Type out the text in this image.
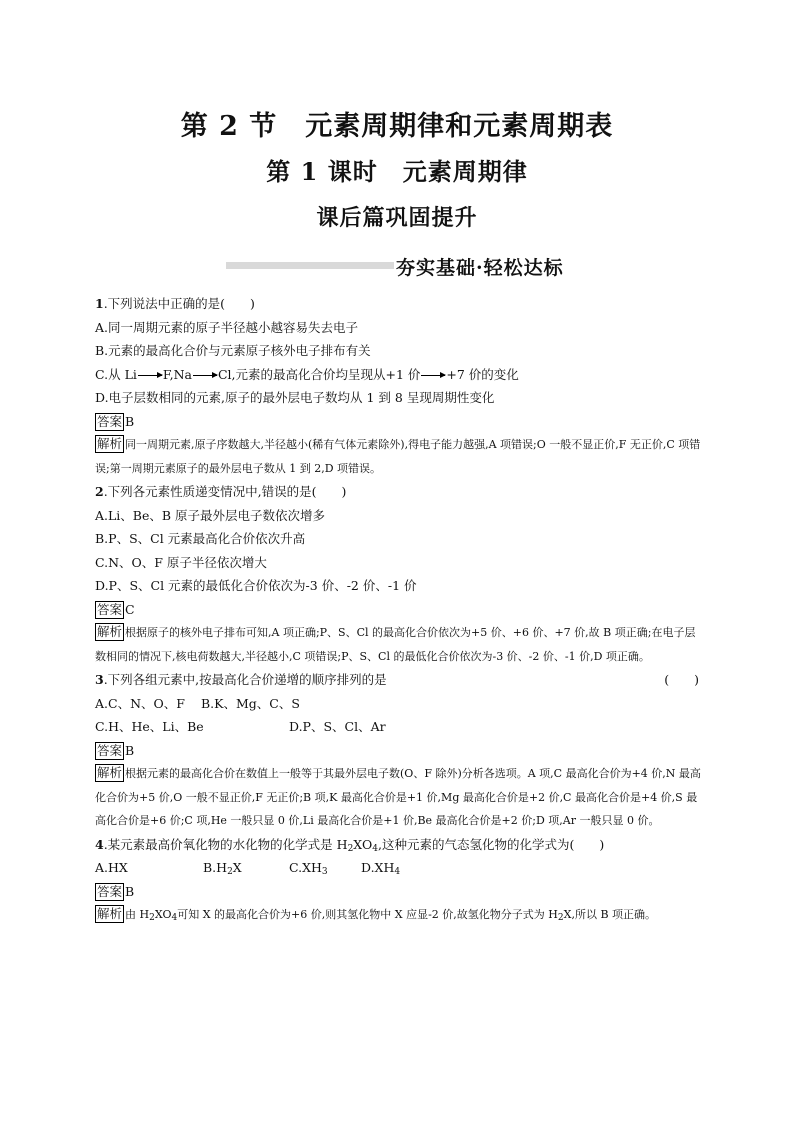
第 2 节　元素周期律和元素周期表
第 1 课时　元素周期律
课后篇巩固提升
夯实基础·轻松达标
1.下列说法中正确的是(　　)
A.同一周期元素的原子半径越小越容易失去电子
B.元素的最高化合价与元素原子核外电子排布有关
C.从 Li F,Na Cl,元素的最高化合价均呈现从+1 价 +7 价的变化
D.电子层数相同的元素,原子的最外层电子数均从 1 到 8 呈现周期性变化
答案 B
解析 同一周期元素,原子序数越大,半径越小(稀有气体元素除外),得电子能力越强,A 项错误;O 一般不显正价,F 无正价,C 项错误;第一周期元素原子的最外层电子数从 1 到 2,D 项错误。
2.下列各元素性质递变情况中,错误的是(　　)
A.Li、Be、B 原子最外层电子数依次增多
B.P、S、Cl 元素最高化合价依次升高
C.N、O、F 原子半径依次增大
D.P、S、Cl 元素的最低化合价依次为-3 价、-2 价、-1 价
答案 C
解析 根据原子的核外电子排布可知,A 项正确;P、S、Cl 的最高化合价依次为+5 价、+6 价、+7 价,故 B 项正确;在电子层数相同的情况下,核电荷数越大,半径越小,C 项错误;P、S、Cl 的最低化合价依次为-3 价、-2 价、-1 价,D 项正确。
3.下列各组元素中,按最高化合价递增的顺序排列的是	(　　)
A.C、N、O、F B.K、Mg、C、S
C.H、He、Li、Be	D.P、S、Cl、Ar
答案 B
解析 根据元素的最高化合价在数值上一般等于其最外层电子数(O、F 除外)分析各选项。A 项,C 最高化合价为+4 价,N 最高化合价为+5 价,O 一般不显正价,F 无正价;B 项,K 最高化合价是+1 价,Mg 最高化合价是+2 价,C 最高化合价是+4 价,S 最高化合价是+6 价;C 项,He 一般只显 0 价,Li 最高化合价是+1 价,Be 最高化合价是+2 价;D 项,Ar 一般只显 0 价。
4.某元素最高价氧化物的水化物的化学式是 $H_2XO_4$,这种元素的气态氢化物的化学式为(　　)
A.HX	$B.H_2X$	$C.XH_3$	$D.XH_4$
答案 B
解析 由 $H_2XO_4$可知 X 的最高化合价为+6 价,则其氢化物中 X 应显-2 价,故氢化物分子式为 $H_2X$,所以 B 项正确。
